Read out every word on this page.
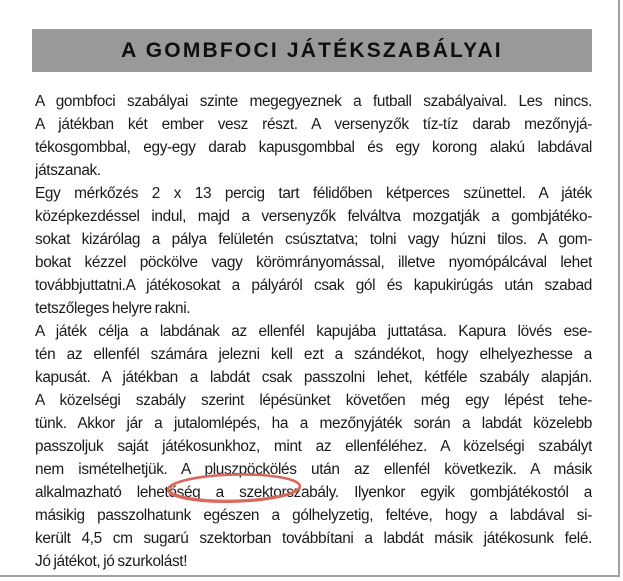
A GOMBFOCI JÁTÉKSZABÁLYAI
A gombfoci szabályai szinte megegyeznek a futball szabályaival. Les nincs.
A játékban két ember vesz részt. A versenyzők tíz-tíz darab mezőnyjá-
tékosgombbal, egy-egy darab kapusgombbal és egy korong alakú labdával
játszanak.
Egy mérkőzés 2 x 13 percig tart félidőben kétperces szünettel. A játék
középkezdéssel indul, majd a versenyzők felváltva mozgatják a gombjátéko-
sokat kizárólag a pálya felületén csúsztatva; tolni vagy húzni tilos. A gom-
bokat kézzel pöckölve vagy körömrányomással, illetve nyomópálcával lehet
továbbjuttatni.A játékosokat a pályáról csak gól és kapukirúgás után szabad
tetszőleges helyre rakni.
A játék célja a labdának az ellenfél kapujába juttatása. Kapura lövés ese-
tén az ellenfél számára jelezni kell ezt a szándékot, hogy elhelyezhesse a
kapusát. A játékban a labdát csak passzolni lehet, kétféle szabály alapján.
A közelségi szabály szerint lépésünket követően még egy lépést tehe-
tünk. Akkor jár a jutalomlépés, ha a mezőnyjáték során a labdát közelebb
passzoljuk saját játékosunkhoz, mint az ellenféléhez. A közelségi szabályt
nem ismételhetjük. A pluszpöckölés után az ellenfél következik. A másik
alkalmazható lehetőség a szektorszabály. Ilyenkor egyik gombjátékostól a
másikig passzolhatunk egészen a gólhelyzetig, feltéve, hogy a labdával si-
került 4,5 cm sugarú szektorban továbbítani a labdát másik játékosunk felé.
Jó játékot, jó szurkolást!
